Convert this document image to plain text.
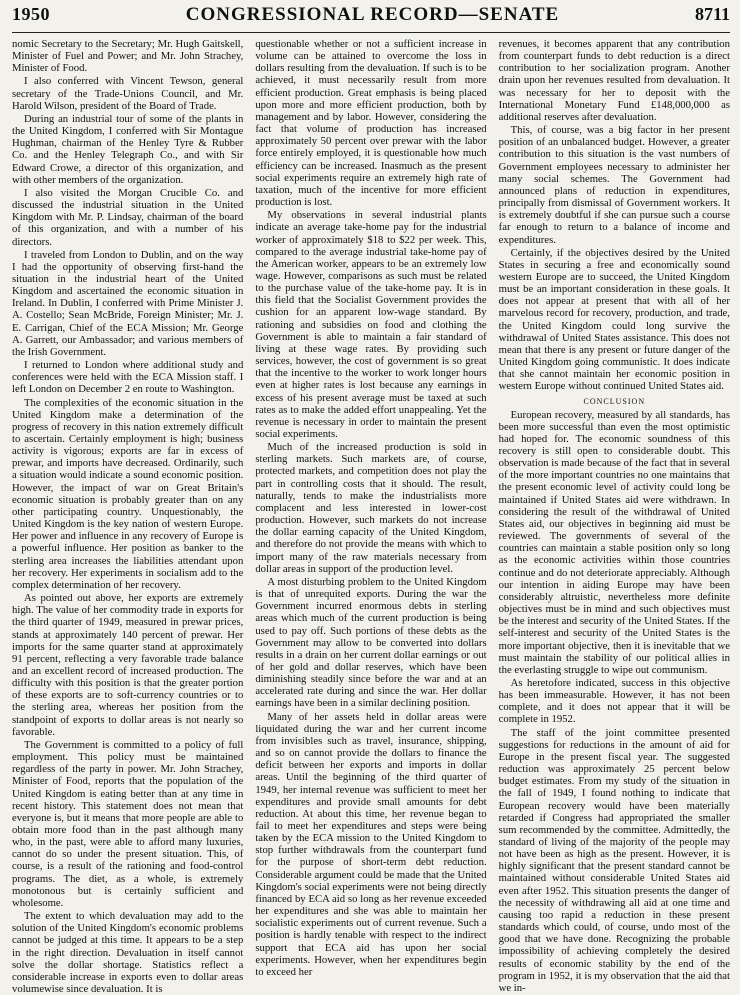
1950	CONGRESSIONAL RECORD—SENATE	8711

nomic Secretary to the Secretary; Mr. Hugh Gaitskell, Minister of Fuel and Power; and Mr. John Strachey, Minister of Food.

I also conferred with Vincent Tewson, general secretary of the Trade-Unions Council, and Mr. Harold Wilson, president of the Board of Trade.

During an industrial tour of some of the plants in the United Kingdom, I conferred with Sir Montague Hughman, chairman of the Henley Tyre & Rubber Co. and the Henley Telegraph Co., and with Sir Edward Crowe, a director of this organization, and with other members of the organization.

I also visited the Morgan Crucible Co. and discussed the industrial situation in the United Kingdom with Mr. P. Lindsay, chairman of the board of this organization, and with a number of his directors.

I traveled from London to Dublin, and on the way I had the opportunity of observing first-hand the situation in the industrial heart of the United Kingdom and ascertained the economic situation in Ireland. In Dublin, I conferred with Prime Minister J. A. Costello; Sean McBride, Foreign Minister; Mr. J. E. Carrigan, Chief of the ECA Mission; Mr. George A. Garrett, our Ambassador; and various members of the Irish Government.

I returned to London where additional study and conferences were held with the ECA Mission staff. I left London on December 2 en route to Washington.

The complexities of the economic situation in the United Kingdom make a determination of the progress of recovery in this nation extremely difficult to ascertain. Certainly employment is high; business activity is vigorous; exports are far in excess of prewar, and imports have decreased. Ordinarily, such a situation would indicate a sound economic position. However, the impact of war on Great Britain's economic situation is probably greater than on any other participating country. Unquestionably, the United Kingdom is the key nation of western Europe. Her power and influence in any recovery of Europe is a powerful influence. Her position as banker to the sterling area increases the liabilities attendant upon her recovery. Her experiments in socialism add to the complex determination of her recovery.

As pointed out above, her exports are extremely high. The value of her commodity trade in exports for the third quarter of 1949, measured in prewar prices, stands at approximately 140 percent of prewar. Her imports for the same quarter stand at approximately 91 percent, reflecting a very favorable trade balance and an excellent record of increased production. The difficulty with this position is that the greater portion of these exports are to soft-currency countries or to the sterling area, whereas her position from the standpoint of exports to dollar areas is not nearly so favorable.

The Government is committed to a policy of full employment. This policy must be maintained regardless of the party in power. Mr. John Strachey, Minister of Food, reports that the population of the United Kingdom is eating better than at any time in recent history. This statement does not mean that everyone is, but it means that more people are able to obtain more food than in the past although many who, in the past, were able to afford many luxuries, cannot do so under the present situation. This, of course, is a result of the rationing and food-control programs. The diet, as a whole, is extremely monotonous but is certainly sufficient and wholesome.

The extent to which devaluation may add to the solution of the United Kingdom's economic problems cannot be judged at this time. It appears to be a step in the right direction. Devaluation in itself cannot solve the dollar shortage. Statistics reflect a considerable increase in exports even to dollar areas volumewise since devaluation. It is

questionable whether or not a sufficient increase in volume can be attained to overcome the loss in dollars resulting from the devaluation. If such is to be achieved, it must necessarily result from more efficient production. Great emphasis is being placed upon more and more efficient production, both by management and by labor. However, considering the fact that volume of production has increased approximately 50 percent over prewar with the labor force entirely employed, it is questionable how much efficiency can be increased. Inasmuch as the present social experiments require an extremely high rate of taxation, much of the incentive for more efficient production is lost.

My observations in several industrial plants indicate an average take-home pay for the industrial worker of approximately $18 to $22 per week. This, compared to the average industrial take-home pay of the American worker, appears to be an extremely low wage. However, comparisons as such must be related to the purchase value of the take-home pay. It is in this field that the Socialist Government provides the cushion for an apparent low-wage standard. By rationing and subsidies on food and clothing the Government is able to maintain a fair standard of living at these wage rates. By providing such services, however, the cost of government is so great that the incentive to the worker to work longer hours even at higher rates is lost because any earnings in excess of his present average must be taxed at such rates as to make the added effort unappealing. Yet the revenue is necessary in order to maintain the present social experiments.

Much of the increased production is sold in sterling markets. Such markets are, of course, protected markets, and competition does not play the part in controlling costs that it should. The result, naturally, tends to make the industrialists more complacent and less interested in lower-cost production. However, such markets do not increase the dollar earning capacity of the United Kingdom, and therefore do not provide the means with which to import many of the raw materials necessary from dollar areas in support of the production level.

A most disturbing problem to the United Kingdom is that of unrequited exports. During the war the Government incurred enormous debts in sterling areas which much of the current production is being used to pay off. Such portions of these debts as the Government may allow to be converted into dollars results in a drain on her current dollar earnings or out of her gold and dollar reserves, which have been diminishing steadily since before the war and at an accelerated rate during and since the war. Her dollar earnings have been in a similar declining position.

Many of her assets held in dollar areas were liquidated during the war and her current income from invisibles such as travel, insurance, shipping, and so on cannot provide the dollars to finance the deficit between her exports and imports in dollar areas. Until the beginning of the third quarter of 1949, her internal revenue was sufficient to meet her expenditures and provide small amounts for debt reduction. At about this time, her revenue began to fail to meet her expenditures and steps were being taken by the ECA mission to the United Kingdom to stop further withdrawals from the counterpart fund for the purpose of short-term debt reduction. Considerable argument could be made that the United Kingdom's social experiments were not being directly financed by ECA aid so long as her revenue exceeded her expenditures and she was able to maintain her socialistic experiments out of current revenue. Such a position is hardly tenable with respect to the indirect support that ECA aid has upon her social experiments. However, when her expenditures begin to exceed her

revenues, it becomes apparent that any contribution from counterpart funds to debt reduction is a direct contribution to her socialization program. Another drain upon her revenues resulted from devaluation. It was necessary for her to deposit with the International Monetary Fund £148,000,000 as additional reserves after devaluation.

This, of course, was a big factor in her present position of an unbalanced budget. However, a greater contribution to this situation is the vast numbers of Government employees necessary to administer her many social schemes. The Government had announced plans of reduction in expenditures, principally from dismissal of Government workers. It is extremely doubtful if she can pursue such a course far enough to return to a balance of income and expenditures.

Certainly, if the objectives desired by the United States in securing a free and economically sound western Europe are to succeed, the United Kingdom must be an important consideration in these goals. It does not appear at present that with all of her marvelous record for recovery, production, and trade, the United Kingdom could long survive the withdrawal of United States assistance. This does not mean that there is any present or future danger of the United Kingdom going communistic. It does indicate that she cannot maintain her economic position in western Europe without continued United States aid.

CONCLUSION

European recovery, measured by all standards, has been more successful than even the most optimistic had hoped for. The economic soundness of this recovery is still open to considerable doubt. This observation is made because of the fact that in several of the more important countries no one maintains that the present economic level of activity could long be maintained if United States aid were withdrawn. In considering the result of the withdrawal of United States aid, our objectives in beginning aid must be reviewed. The governments of several of the countries can maintain a stable position only so long as the economic activities within those countries continue and do not deteriorate appreciably. Although our intention in aiding Europe may have been considerably altruistic, nevertheless more definite objectives must be in mind and such objectives must be the interest and security of the United States. If the self-interest and security of the United States is the more important objective, then it is inevitable that we must maintain the stability of our political allies in the everlasting struggle to wipe out communism.

As heretofore indicated, success in this objective has been immeasurable. However, it has not been complete, and it does not appear that it will be complete in 1952.

The staff of the joint committee presented suggestions for reductions in the amount of aid for Europe in the present fiscal year. The suggested reduction was approximately 25 percent below budget estimates. From my study of the situation in the fall of 1949, I found nothing to indicate that European recovery would have been materially retarded if Congress had appropriated the smaller sum recommended by the committee. Admittedly, the standard of living of the majority of the people may not have been as high as the present. However, it is highly significant that the present standard cannot be maintained without considerable United States aid even after 1952. This situation presents the danger of the necessity of withdrawing all aid at one time and causing too rapid a reduction in these present standards which could, of course, undo most of the good that we have done. Recognizing the probable impossibility of achieving completely the desired results of economic stability by the end of the program in 1952, it is my observation that the aid that we in-
